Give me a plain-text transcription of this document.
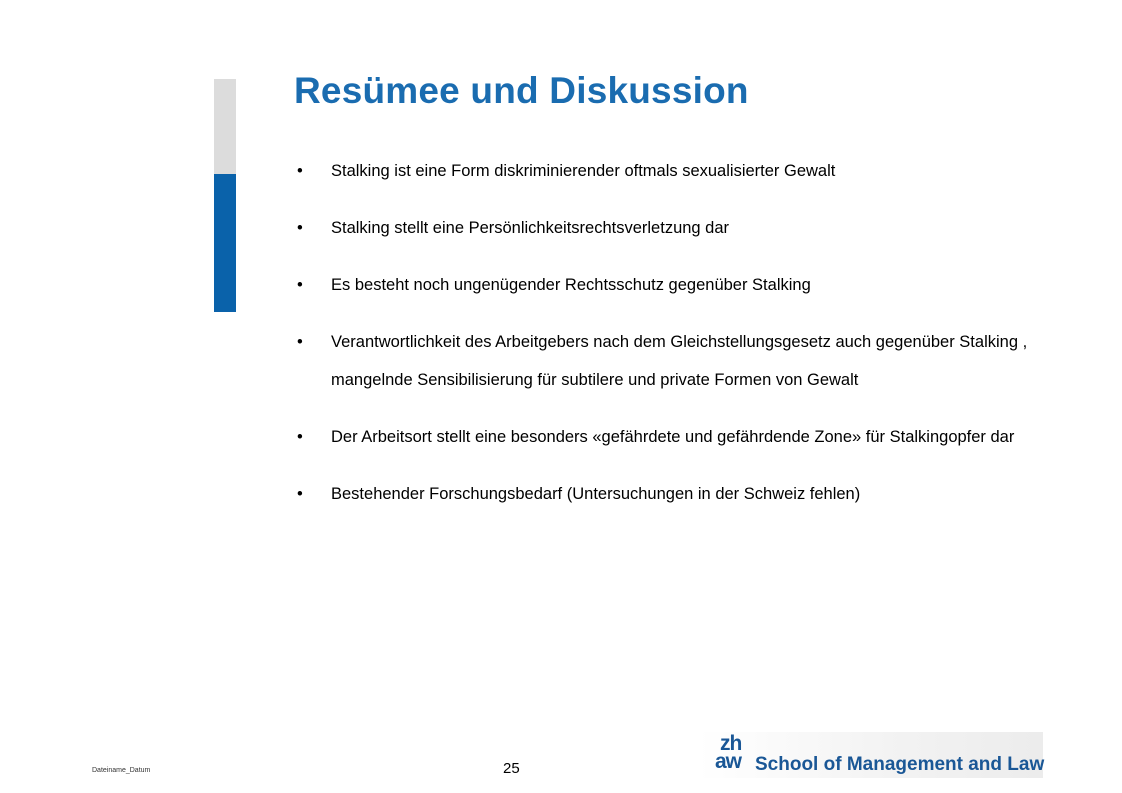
Resümee und Diskussion
• Stalking ist eine Form diskriminierender oftmals sexualisierter Gewalt
• Stalking stellt eine Persönlichkeitsrechtsverletzung dar
• Es besteht noch ungenügender Rechtsschutz gegenüber Stalking
• Verantwortlichkeit des Arbeitgebers nach dem Gleichstellungsgesetz auch gegenüber Stalking , mangelnde Sensibilisierung für subtilere und private Formen von Gewalt
• Der Arbeitsort stellt eine besonders «gefährdete und gefährdende Zone» für Stalkingopfer dar
• Bestehender Forschungsbedarf (Untersuchungen in der Schweiz fehlen)
Dateiname_Datum	25
zh
aw School of Management and Law
